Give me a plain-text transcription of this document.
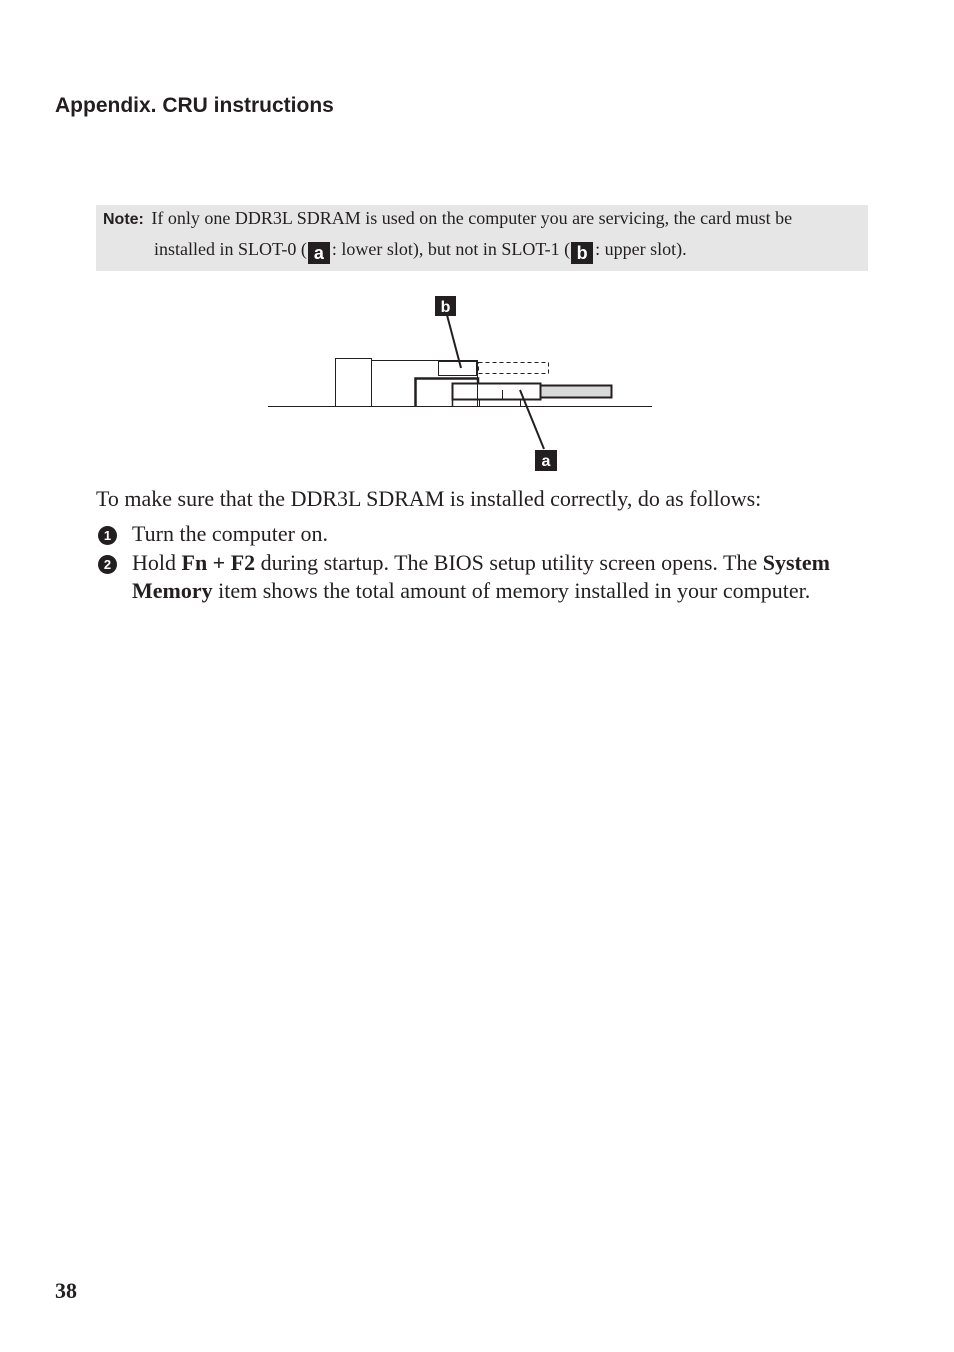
Appendix. CRU instructions
Note: If only one DDR3L SDRAM is used on the computer you are servicing, the card must be
installed in SLOT-0 ( a : lower slot), but not in SLOT-1 ( b : upper slot).
b
a

To make sure that the DDR3L SDRAM is installed correctly, do as follows:

1 Turn the computer on.
2 Hold Fn + F2 during startup. The BIOS setup utility screen opens. The System Memory item shows the total amount of memory installed in your computer.
38
